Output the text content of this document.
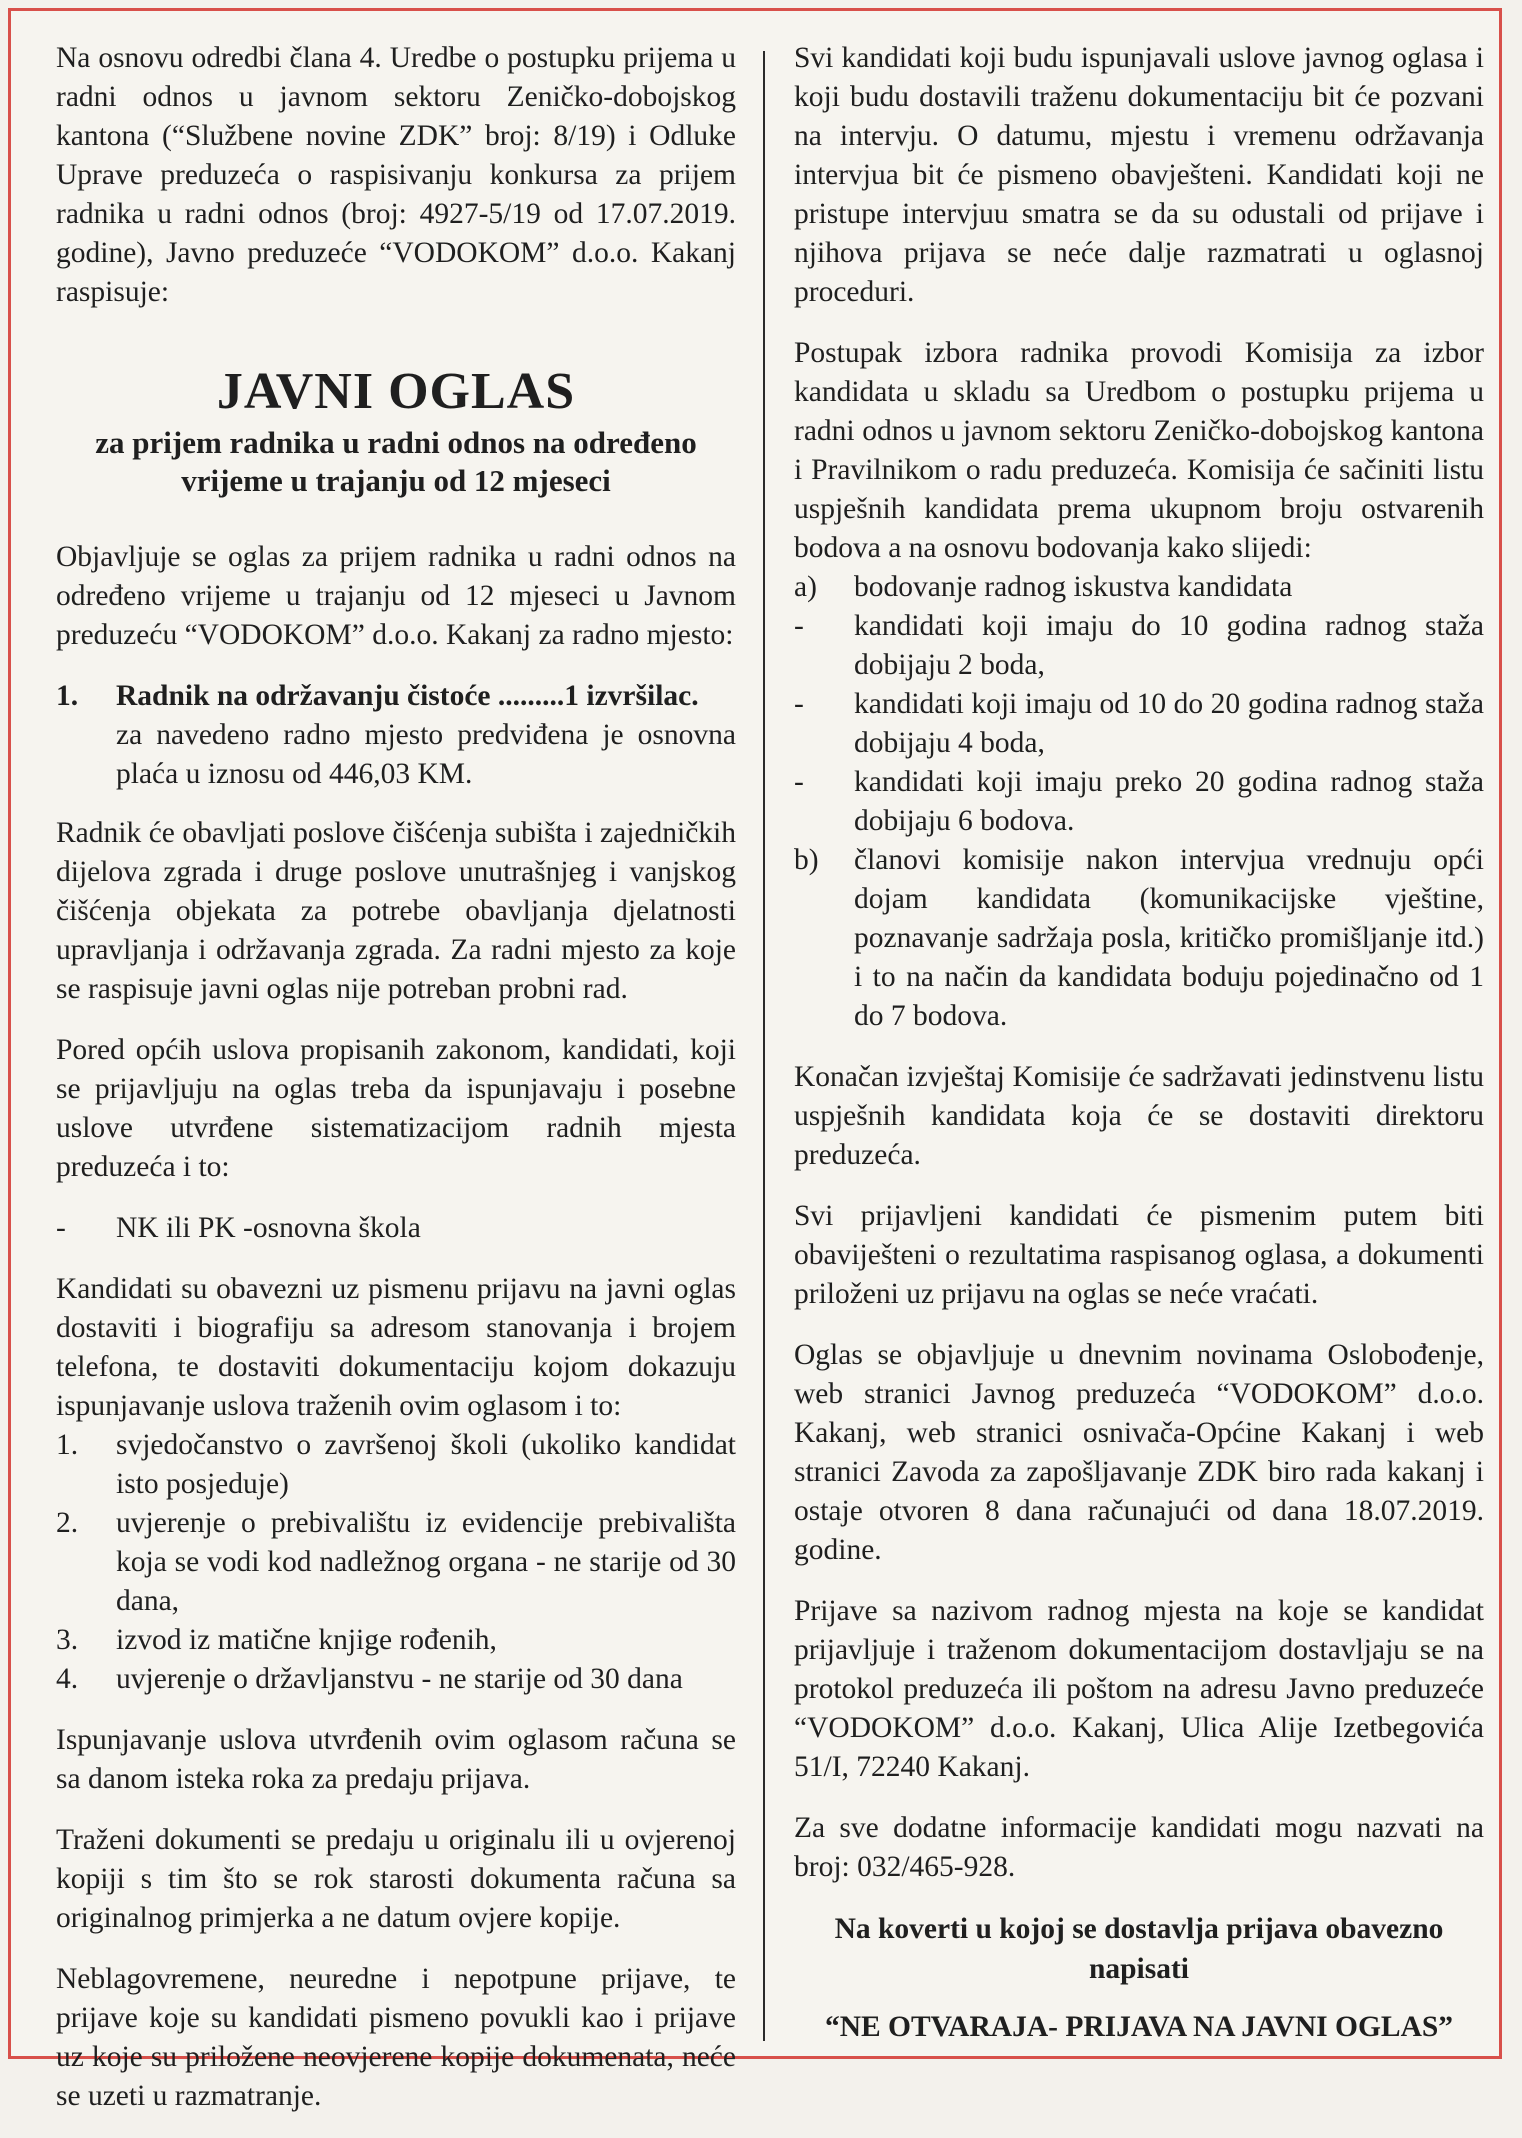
Na osnovu odredbi člana 4. Uredbe o postupku prijema u radni odnos u javnom sektoru Zeničko-dobojskog kantona (“Službene novine ZDK” broj: 8/19) i Odluke Uprave preduzeća o raspisivanju konkursa za prijem radnika u radni odnos (broj: 4927-5/19 od 17.07.2019. godine), Javno preduzeće “VODOKOM” d.o.o. Kakanj raspisuje:

JAVNI OGLAS
za prijem radnika u radni odnos na određeno vrijeme u trajanju od 12 mjeseci

Objavljuje se oglas za prijem radnika u radni odnos na određeno vrijeme u trajanju od 12 mjeseci u Javnom preduzeću “VODOKOM” d.o.o. Kakanj za radno mjesto:

1.	Radnik na održavanju čistoće .........1 izvršilac.
za navedeno radno mjesto predviđena je osnovna plaća u iznosu od 446,03 KM.

Radnik će obavljati poslove čišćenja subišta i zajedničkih dijelova zgrada i druge poslove unutrašnjeg i vanjskog čišćenja objekata za potrebe obavljanja djelatnosti upravljanja i održavanja zgrada. Za radni mjesto za koje se raspisuje javni oglas nije potreban probni rad.

Pored općih uslova propisanih zakonom, kandidati, koji se prijavljuju na oglas treba da ispunjavaju i posebne uslove utvrđene sistematizacijom radnih mjesta preduzeća i to:

-	NK ili PK -osnovna škola

Kandidati su obavezni uz pismenu prijavu na javni oglas dostaviti i biografiju sa adresom stanovanja i brojem telefona, te dostaviti dokumentaciju kojom dokazuju ispunjavanje uslova traženih ovim oglasom i to:

1.	svjedočanstvo o završenoj školi (ukoliko kandidat isto posjeduje)
2.	uvjerenje o prebivalištu iz evidencije prebivališta koja se vodi kod nadležnog organa - ne starije od 30 dana,
3.	izvod iz matične knjige rođenih,
4.	uvjerenje o državljanstvu - ne starije od 30 dana

Ispunjavanje uslova utvrđenih ovim oglasom računa se sa danom isteka roka za predaju prijava.

Traženi dokumenti se predaju u originalu ili u ovjerenoj kopiji s tim što se rok starosti dokumenta računa sa originalnog primjerka a ne datum ovjere kopije.

Neblagovremene, neuredne i nepotpune prijave, te prijave koje su kandidati pismeno povukli kao i prijave uz koje su priložene neovjerene kopije dokumenata, neće se uzeti u razmatranje.

Svi kandidati koji budu ispunjavali uslove javnog oglasa i koji budu dostavili traženu dokumentaciju bit će pozvani na intervju. O datumu, mjestu i vremenu održavanja intervjua bit će pismeno obavješteni. Kandidati koji ne pristupe intervjuu smatra se da su odustali od prijave i njihova prijava se neće dalje razmatrati u oglasnoj proceduri.

Postupak izbora radnika provodi Komisija za izbor kandidata u skladu sa Uredbom o postupku prijema u radni odnos u javnom sektoru Zeničko-dobojskog kantona i Pravilnikom o radu preduzeća. Komisija će sačiniti listu uspješnih kandidata prema ukupnom broju ostvarenih bodova a na osnovu bodovanja kako slijedi:

a)	bodovanje radnog iskustva kandidata
-	kandidati koji imaju do 10 godina radnog staža dobijaju 2 boda,
-	kandidati koji imaju od 10 do 20 godina radnog staža dobijaju 4 boda,
-	kandidati koji imaju preko 20 godina radnog staža dobijaju 6 bodova.
b)	članovi komisije nakon intervjua vrednuju opći dojam kandidata (komunikacijske vještine, poznavanje sadržaja posla, kritičko promišljanje itd.) i to na način da kandidata boduju pojedinačno od 1 do 7 bodova.

Konačan izvještaj Komisije će sadržavati jedinstvenu listu uspješnih kandidata koja će se dostaviti direktoru preduzeća.

Svi prijavljeni kandidati će pismenim putem biti obaviješteni o rezultatima raspisanog oglasa, a dokumenti priloženi uz prijavu na oglas se neće vraćati.

Oglas se objavljuje u dnevnim novinama Oslobođenje, web stranici Javnog preduzeća “VODOKOM” d.o.o. Kakanj, web stranici osnivača-Općine Kakanj i web stranici Zavoda za zapošljavanje ZDK biro rada kakanj i ostaje otvoren 8 dana računajući od dana 18.07.2019. godine.

Prijave sa nazivom radnog mjesta na koje se kandidat prijavljuje i traženom dokumentacijom dostavljaju se na protokol preduzeća ili poštom na adresu Javno preduzeće “VODOKOM” d.o.o. Kakanj, Ulica Alije Izetbegovića 51/I, 72240 Kakanj.

Za sve dodatne informacije kandidati mogu nazvati na broj: 032/465-928.

Na koverti u kojoj se dostavlja prijava obavezno napisati
“NE OTVARAJA- PRIJAVA NA JAVNI OGLAS”
